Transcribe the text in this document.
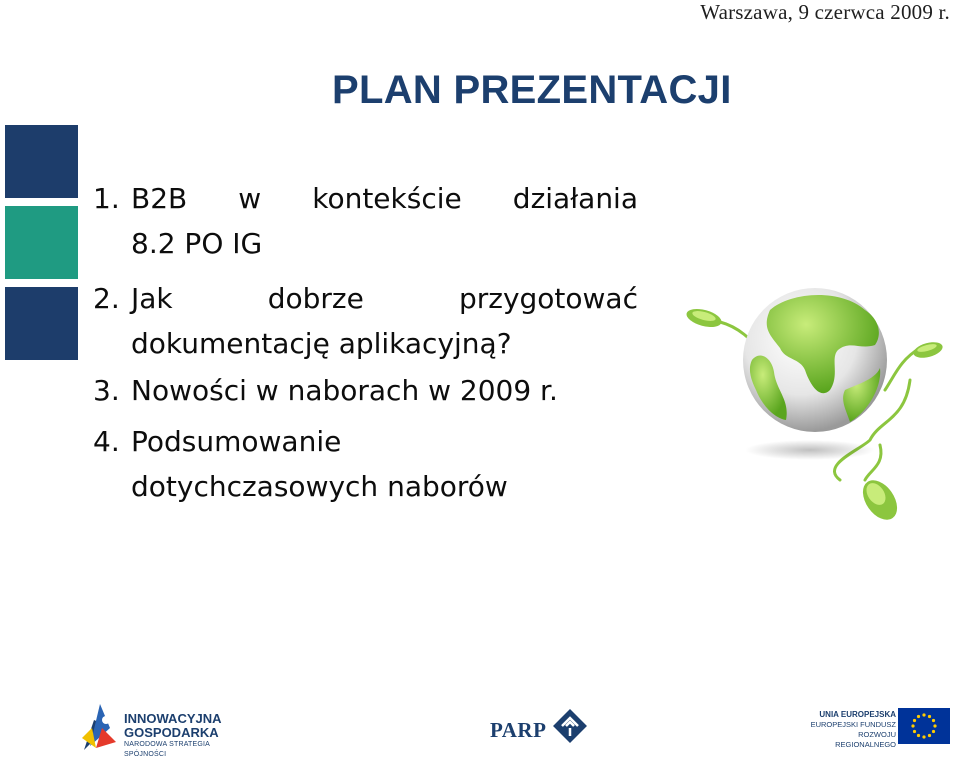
Warszawa, 9 czerwca 2009 r.
PLAN PREZENTACJI
1. B2B w kontekście działania
8.2 PO IG
2. Jak dobrze przygotować
dokumentację aplikacyjną?
3. Nowości w naborach w 2009 r.
4. Podsumowanie
dotychczasowych naborów
INNOWACYJNA
GOSPODARKA
NARODOWA STRATEGIA SPÓJNOŚCI
PARP
UNIA EUROPEJSKA
EUROPEJSKI FUNDUSZ
ROZWOJU REGIONALNEGO
